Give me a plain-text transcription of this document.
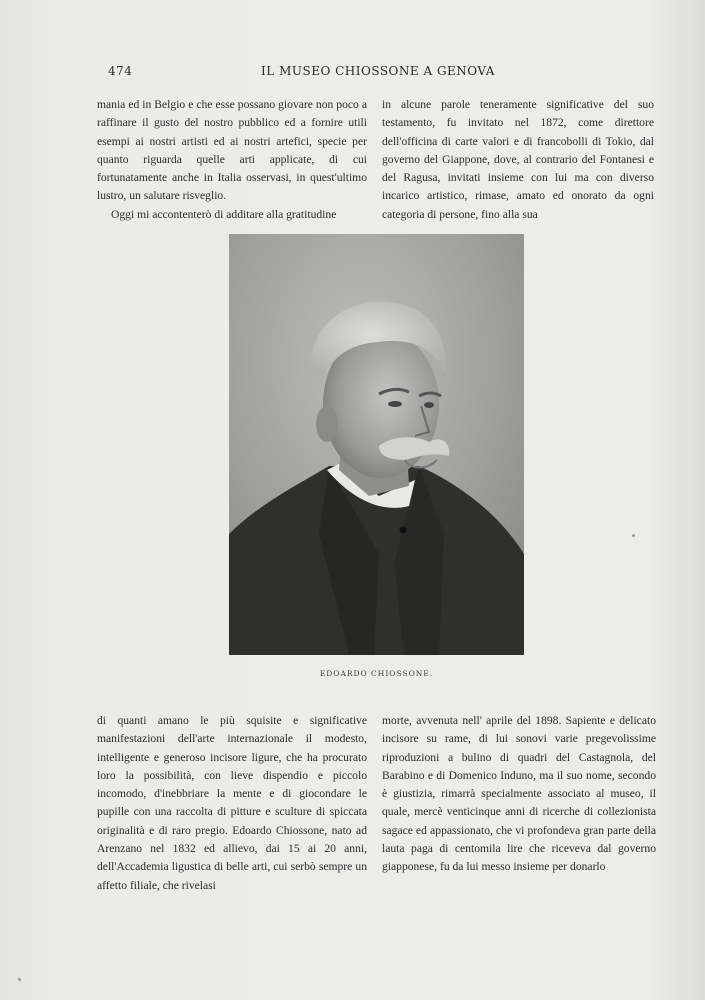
474	IL MUSEO CHIOSSONE A GENOVA

mania ed in Belgio e che esse possano giovare non poco a raffinare il gusto del nostro pubblico ed a fornire utili esempi ai nostri artisti ed ai nostri artefici, specie per quanto riguarda quelle arti applicate, di cui fortunatamente anche in Italia osservasi, in quest'ultimo lustro, un salutare risveglio.

Oggi mi accontenterò di additare alla gratitudine

in alcune parole teneramente significative del suo testamento, fu invitato nel 1872, come direttore dell'officina di carte valori e di francobolli di Tokio, dal governo del Giappone, dove, al contrario del Fontanesi e del Ragusa, invitati insieme con lui ma con diverso incarico artistico, rimase, amato ed onorato da ogni categoria di persone, fino alla sua

EDOARDO CHIOSSONE.

di quanti amano le più squisite e significative manifestazioni dell'arte internazionale il modesto, intelligente e generoso incisore ligure, che ha procurato loro la possibilità, con lieve dispendio e piccolo incomodo, d'inebbriare la mente e di giocondare le pupille con una raccolta di pitture e sculture di spiccata originalità e di raro pregio. Edoardo Chiossone, nato ad Arenzano nel 1832 ed allievo, dai 15 ai 20 anni, dell'Accademia ligustica di belle arti, cui serbò sempre un affetto filiale, che rivelasi

morte, avvenuta nell' aprile del 1898. Sapiente e delicato incisore su rame, di lui sonovi varie pregevolissime riproduzioni a bulino di quadri del Castagnola, del Barabino e di Domenico Induno, ma il suo nome, secondo è giustizia, rimarrà specialmente associato al museo, il quale, mercè venticinque anni di ricerche di collezionista sagace ed appassionato, che vi profondeva gran parte della lauta paga di centomila lire che riceveva dal governo giapponese, fu da lui messo insieme per donarlo
